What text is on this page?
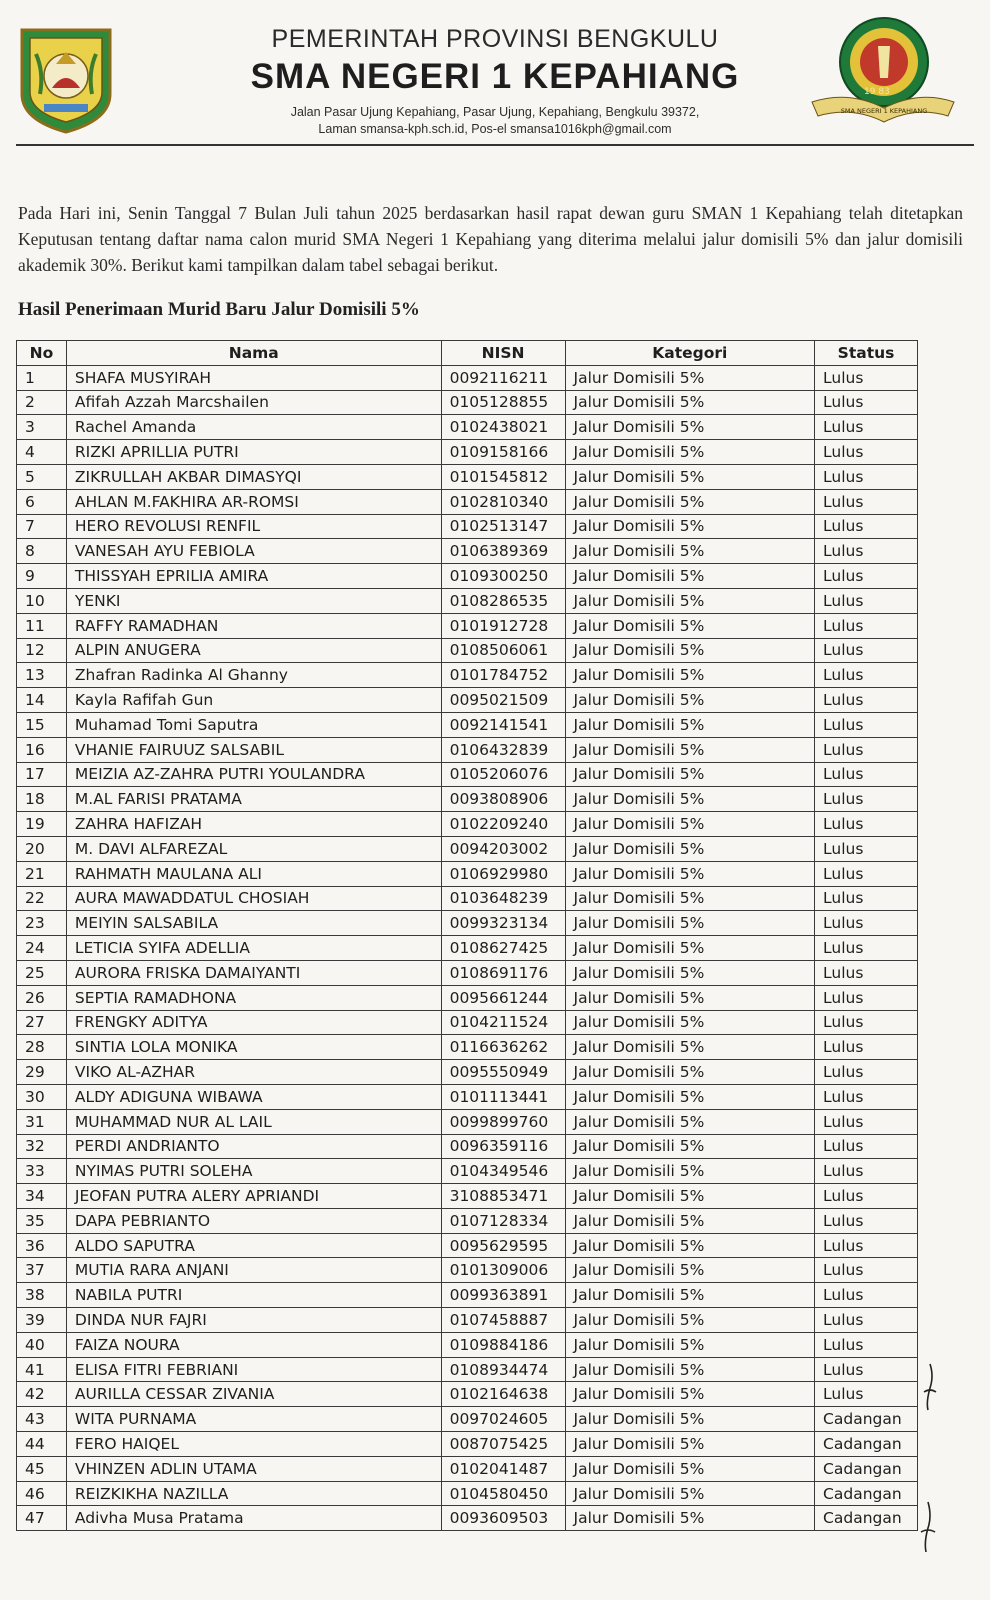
PEMERINTAH PROVINSI BENGKULU
SMA NEGERI 1 KEPAHIANG
Jalan Pasar Ujung Kepahiang, Pasar Ujung, Kepahiang, Bengkulu 39372,
Laman smansa-kph.sch.id, Pos-el smansa1016kph@gmail.com
19 83
SMA NEGERI 1 KEPAHIANG
Pada Hari ini, Senin Tanggal 7 Bulan Juli tahun 2025 berdasarkan hasil rapat dewan guru SMAN 1 Kepahiang telah ditetapkan Keputusan tentang daftar nama calon murid SMA Negeri 1 Kepahiang yang diterima melalui jalur domisili 5% dan jalur domisili akademik 30%. Berikut kami tampilkan dalam tabel sebagai berikut.
Hasil Penerimaan Murid Baru Jalur Domisili 5%
No	Nama	NISN	Kategori	Status
1	SHAFA MUSYIRAH	0092116211	Jalur Domisili 5%	Lulus
2	Afifah Azzah Marcshailen	0105128855	Jalur Domisili 5%	Lulus
3	Rachel Amanda	0102438021	Jalur Domisili 5%	Lulus
4	RIZKI APRILLIA PUTRI	0109158166	Jalur Domisili 5%	Lulus
5	ZIKRULLAH AKBAR DIMASYQI	0101545812	Jalur Domisili 5%	Lulus
6	AHLAN M.FAKHIRA AR-ROMSI	0102810340	Jalur Domisili 5%	Lulus
7	HERO REVOLUSI RENFIL	0102513147	Jalur Domisili 5%	Lulus
8	VANESAH AYU FEBIOLA	0106389369	Jalur Domisili 5%	Lulus
9	THISSYAH EPRILIA AMIRA	0109300250	Jalur Domisili 5%	Lulus
10	YENKI	0108286535	Jalur Domisili 5%	Lulus
11	RAFFY RAMADHAN	0101912728	Jalur Domisili 5%	Lulus
12	ALPIN ANUGERA	0108506061	Jalur Domisili 5%	Lulus
13	Zhafran Radinka Al Ghanny	0101784752	Jalur Domisili 5%	Lulus
14	Kayla Rafifah Gun	0095021509	Jalur Domisili 5%	Lulus
15	Muhamad Tomi Saputra	0092141541	Jalur Domisili 5%	Lulus
16	VHANIE FAIRUUZ SALSABIL	0106432839	Jalur Domisili 5%	Lulus
17	MEIZIA AZ-ZAHRA PUTRI YOULANDRA	0105206076	Jalur Domisili 5%	Lulus
18	M.AL FARISI PRATAMA	0093808906	Jalur Domisili 5%	Lulus
19	ZAHRA HAFIZAH	0102209240	Jalur Domisili 5%	Lulus
20	M. DAVI ALFAREZAL	0094203002	Jalur Domisili 5%	Lulus
21	RAHMATH MAULANA ALI	0106929980	Jalur Domisili 5%	Lulus
22	AURA MAWADDATUL CHOSIAH	0103648239	Jalur Domisili 5%	Lulus
23	MEIYIN SALSABILA	0099323134	Jalur Domisili 5%	Lulus
24	LETICIA SYIFA ADELLIA	0108627425	Jalur Domisili 5%	Lulus
25	AURORA FRISKA DAMAIYANTI	0108691176	Jalur Domisili 5%	Lulus
26	SEPTIA RAMADHONA	0095661244	Jalur Domisili 5%	Lulus
27	FRENGKY ADITYA	0104211524	Jalur Domisili 5%	Lulus
28	SINTIA LOLA MONIKA	0116636262	Jalur Domisili 5%	Lulus
29	VIKO AL-AZHAR	0095550949	Jalur Domisili 5%	Lulus
30	ALDY ADIGUNA WIBAWA	0101113441	Jalur Domisili 5%	Lulus
31	MUHAMMAD NUR AL LAIL	0099899760	Jalur Domisili 5%	Lulus
32	PERDI ANDRIANTO	0096359116	Jalur Domisili 5%	Lulus
33	NYIMAS PUTRI SOLEHA	0104349546	Jalur Domisili 5%	Lulus
34	JEOFAN PUTRA ALERY APRIANDI	3108853471	Jalur Domisili 5%	Lulus
35	DAPA PEBRIANTO	0107128334	Jalur Domisili 5%	Lulus
36	ALDO SAPUTRA	0095629595	Jalur Domisili 5%	Lulus
37	MUTIA RARA ANJANI	0101309006	Jalur Domisili 5%	Lulus
38	NABILA PUTRI	0099363891	Jalur Domisili 5%	Lulus
39	DINDA NUR FAJRI	0107458887	Jalur Domisili 5%	Lulus
40	FAIZA NOURA	0109884186	Jalur Domisili 5%	Lulus
41	ELISA FITRI FEBRIANI	0108934474	Jalur Domisili 5%	Lulus
42	AURILLA CESSAR ZIVANIA	0102164638	Jalur Domisili 5%	Lulus
43	WITA PURNAMA	0097024605	Jalur Domisili 5%	Cadangan
44	FERO HAIQEL	0087075425	Jalur Domisili 5%	Cadangan
45	VHINZEN ADLIN UTAMA	0102041487	Jalur Domisili 5%	Cadangan
46	REIZKIKHA NAZILLA	0104580450	Jalur Domisili 5%	Cadangan
47	Adivha Musa Pratama	0093609503	Jalur Domisili 5%	Cadangan
